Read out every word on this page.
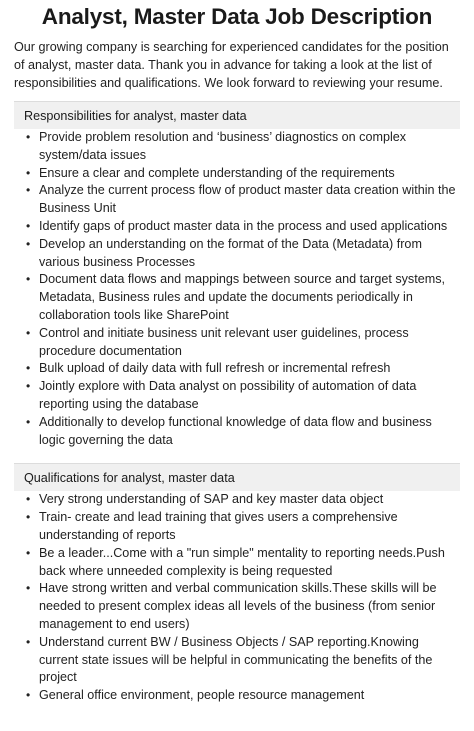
Analyst, Master Data Job Description

Our growing company is searching for experienced candidates for the position of analyst, master data. Thank you in advance for taking a look at the list of responsibilities and qualifications. We look forward to reviewing your resume.

Responsibilities for analyst, master data
• Provide problem resolution and ‘business’ diagnostics on complex system/data issues
• Ensure a clear and complete understanding of the requirements
• Analyze the current process flow of product master data creation within the Business Unit
• Identify gaps of product master data in the process and used applications
• Develop an understanding on the format of the Data (Metadata) from various business Processes
• Document data flows and mappings between source and target systems, Metadata, Business rules and update the documents periodically in collaboration tools like SharePoint
• Control and initiate business unit relevant user guidelines, process procedure documentation
• Bulk upload of daily data with full refresh or incremental refresh
• Jointly explore with Data analyst on possibility of automation of data reporting using the database
• Additionally to develop functional knowledge of data flow and business logic governing the data
Qualifications for analyst, master data
• Very strong understanding of SAP and key master data object
• Train- create and lead training that gives users a comprehensive understanding of reports
• Be a leader...Come with a "run simple" mentality to reporting needs.Push back where unneeded complexity is being requested
• Have strong written and verbal communication skills.These skills will be needed to present complex ideas all levels of the business (from senior management to end users)
• Understand current BW / Business Objects / SAP reporting.Knowing current state issues will be helpful in communicating the benefits of the project
• General office environment, people resource management
